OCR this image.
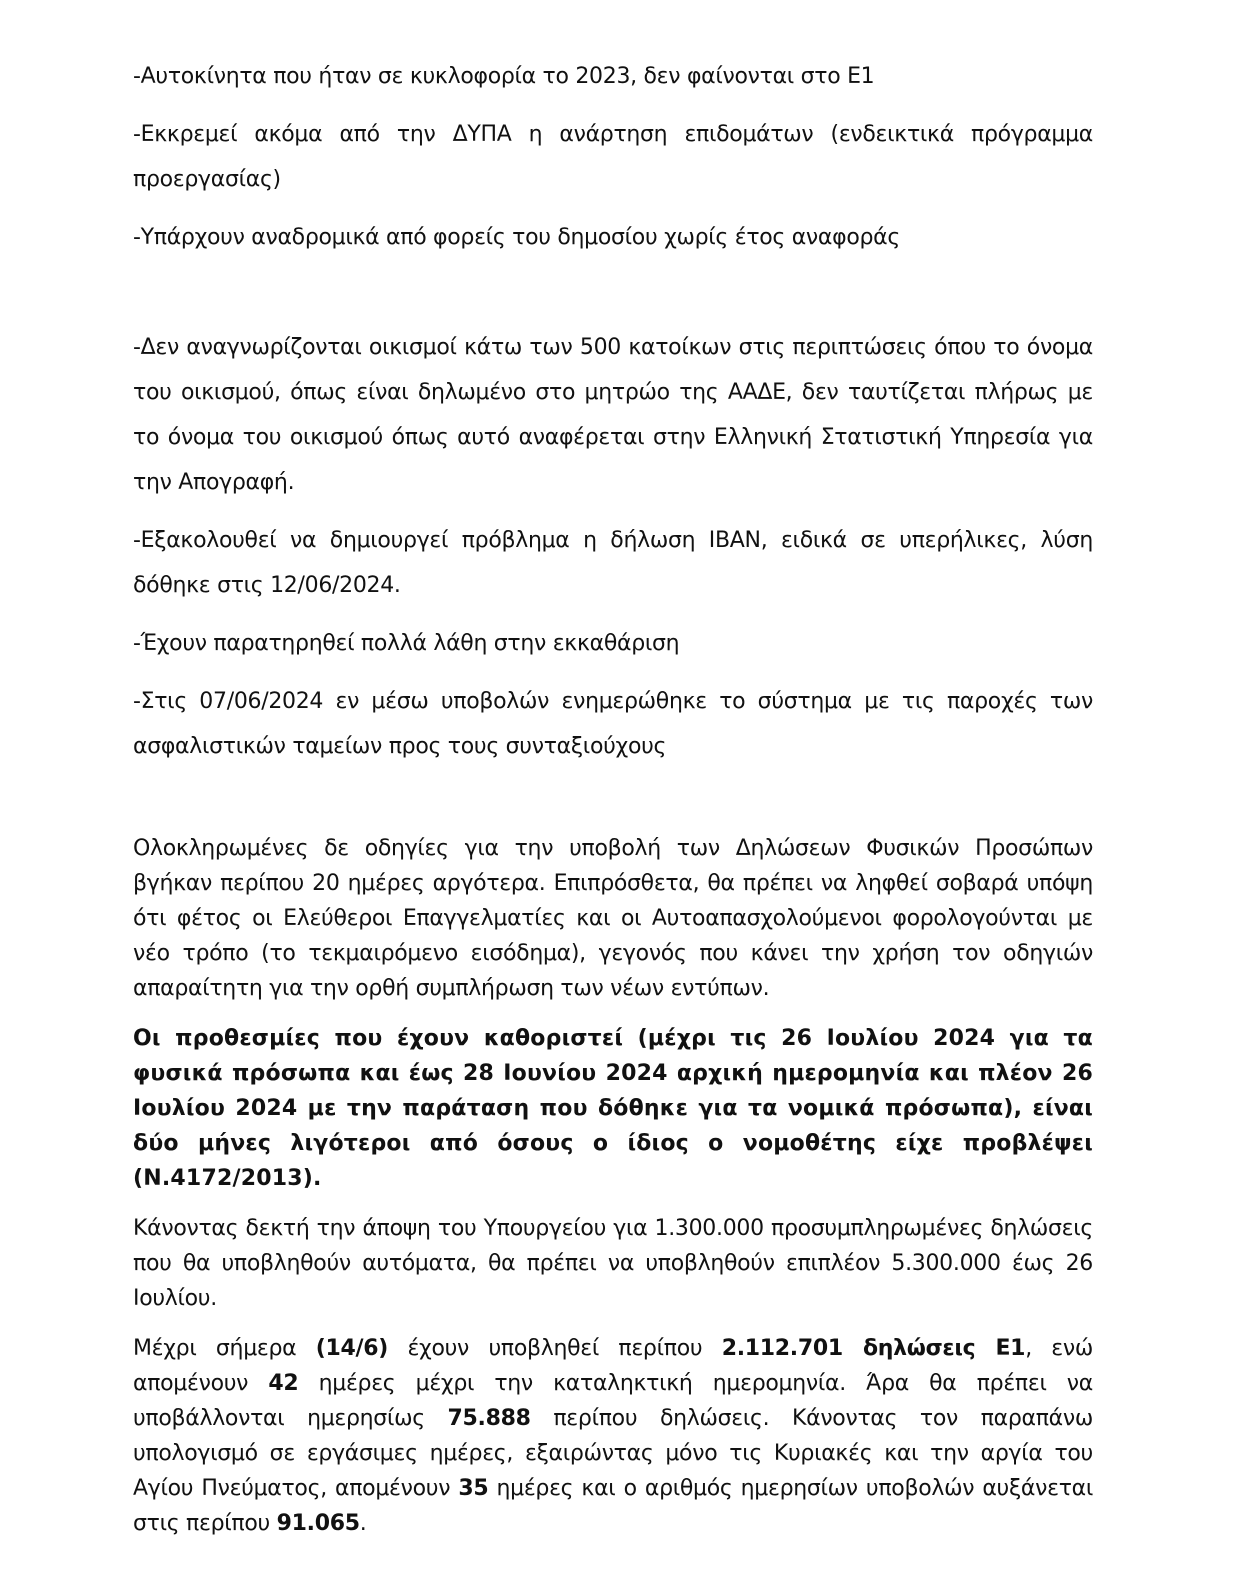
-Αυτοκίνητα που ήταν σε κυκλοφορία το 2023, δεν φαίνονται στο Ε1

-Εκκρεμεί ακόμα από την ΔΥΠΑ η ανάρτηση επιδομάτων (ενδεικτικά πρόγραμμα προεργασίας)

-Υπάρχουν αναδρομικά από φορείς του δημοσίου χωρίς έτος αναφοράς

-Δεν αναγνωρίζονται οικισμοί κάτω των 500 κατοίκων στις περιπτώσεις όπου το όνομα του οικισμού, όπως είναι δηλωμένο στο μητρώο της ΑΑΔΕ, δεν ταυτίζεται πλήρως με το όνομα του οικισμού όπως αυτό αναφέρεται στην Ελληνική Στατιστική Υπηρεσία για την Απογραφή.

-Εξακολουθεί να δημιουργεί πρόβλημα η δήλωση IBAN, ειδικά σε υπερήλικες, λύση δόθηκε στις 12/06/2024.

-Έχουν παρατηρηθεί πολλά λάθη στην εκκαθάριση

-Στις 07/06/2024 εν μέσω υποβολών ενημερώθηκε το σύστημα με τις παροχές των ασφαλιστικών ταμείων προς τους συνταξιούχους

Ολοκληρωμένες δε οδηγίες για την υποβολή των Δηλώσεων Φυσικών Προσώπων βγήκαν περίπου 20 ημέρες αργότερα. Επιπρόσθετα, θα πρέπει να ληφθεί σοβαρά υπόψη ότι φέτος οι Ελεύθεροι Επαγγελματίες και οι Αυτοαπασχολούμενοι φορολογούνται με νέο τρόπο (το τεκμαιρόμενο εισόδημα), γεγονός που κάνει την χρήση τον οδηγιών απαραίτητη για την ορθή συμπλήρωση των νέων εντύπων.

Οι προθεσμίες που έχουν καθοριστεί (μέχρι τις 26 Ιουλίου 2024 για τα φυσικά πρόσωπα και έως 28 Ιουνίου 2024 αρχική ημερομηνία και πλέον 26 Ιουλίου 2024 με την παράταση που δόθηκε για τα νομικά πρόσωπα), είναι δύο μήνες λιγότεροι από όσους ο ίδιος ο νομοθέτης είχε προβλέψει (Ν.4172/2013).

Κάνοντας δεκτή την άποψη του Υπουργείου για 1.300.000 προσυμπληρωμένες δηλώσεις που θα υποβληθούν αυτόματα, θα πρέπει να υποβληθούν επιπλέον 5.300.000 έως 26 Ιουλίου.

Μέχρι σήμερα (14/6) έχουν υποβληθεί περίπου 2.112.701 δηλώσεις Ε1, ενώ απομένουν 42 ημέρες μέχρι την καταληκτική ημερομηνία. Άρα θα πρέπει να υποβάλλονται ημερησίως 75.888 περίπου δηλώσεις. Κάνοντας τον παραπάνω υπολογισμό σε εργάσιμες ημέρες, εξαιρώντας μόνο τις Κυριακές και την αργία του Αγίου Πνεύματος, απομένουν 35 ημέρες και ο αριθμός ημερησίων υποβολών αυξάνεται στις περίπου 91.065.
